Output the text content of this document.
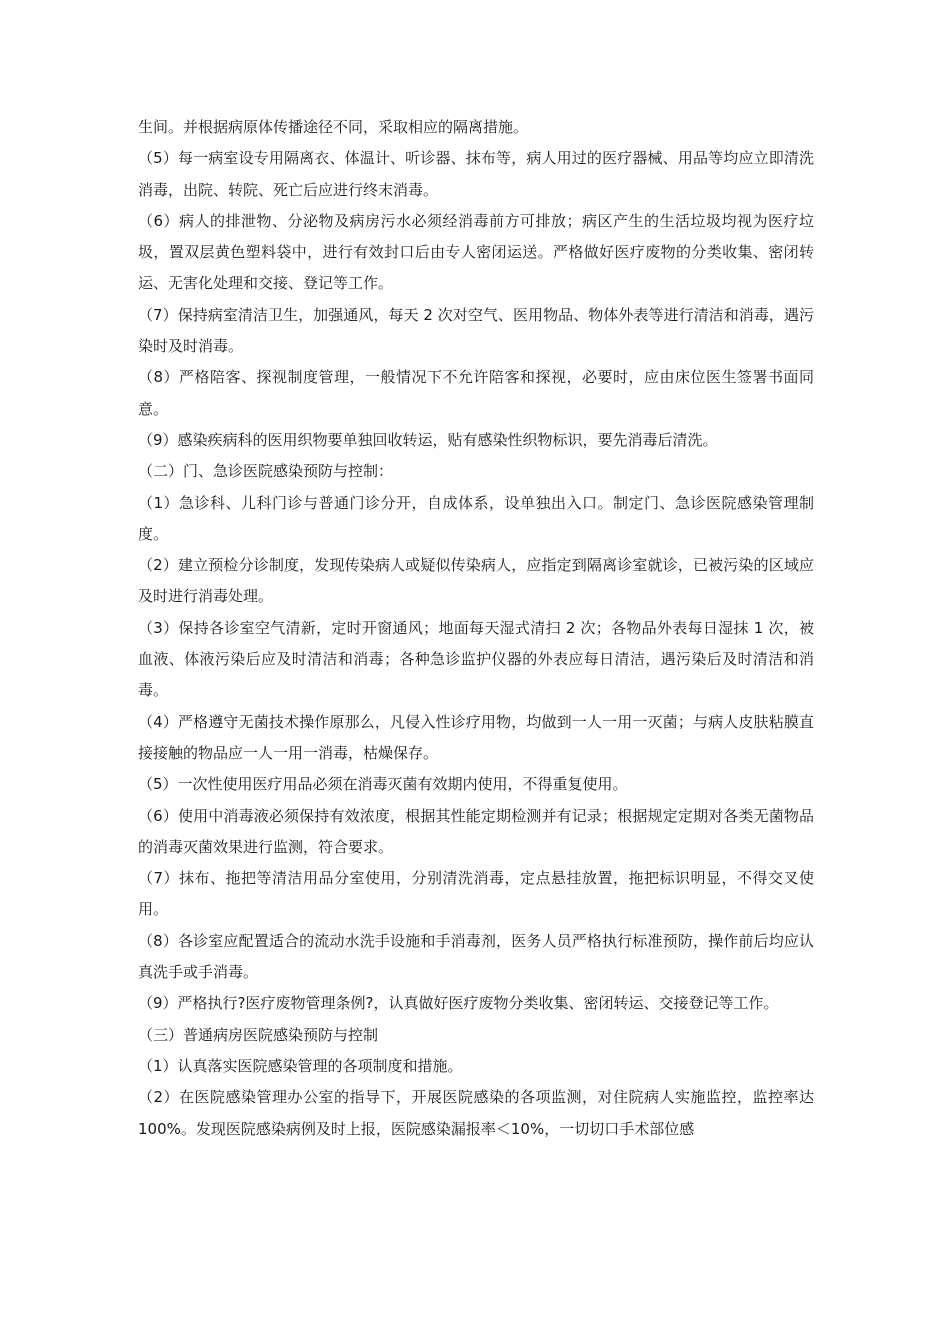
生间。并根据病原体传播途径不同，采取相应的隔离措施。

（5）每一病室设专用隔离衣、体温计、听诊器、抹布等，病人用过的医疗器械、用品等均应立即清洗消毒，出院、转院、死亡后应进行终末消毒。

（6）病人的排泄物、分泌物及病房污水必须经消毒前方可排放；病区产生的生活垃圾均视为医疗垃圾，置双层黄色塑料袋中，进行有效封口后由专人密闭运送。严格做好医疗废物的分类收集、密闭转运、无害化处理和交接、登记等工作。

（7）保持病室清洁卫生，加强通风，每天 2 次对空气、医用物品、物体外表等进行清洁和消毒，遇污染时及时消毒。

（8）严格陪客、探视制度管理，一般情况下不允许陪客和探视，必要时，应由床位医生签署书面同意。

（9）感染疾病科的医用织物要单独回收转运，贴有感染性织物标识，要先消毒后清洗。

（二）门、急诊医院感染预防与控制：

（1）急诊科、儿科门诊与普通门诊分开，自成体系，设单独出入口。制定门、急诊医院感染管理制度。

（2）建立预检分诊制度，发现传染病人或疑似传染病人，应指定到隔离诊室就诊，已被污染的区域应及时进行消毒处理。

（3）保持各诊室空气清新，定时开窗通风；地面每天湿式清扫 2 次；各物品外表每日湿抹 1 次，被血液、体液污染后应及时清洁和消毒；各种急诊监护仪器的外表应每日清洁，遇污染后及时清洁和消毒。

（4）严格遵守无菌技术操作原那么，凡侵入性诊疗用物，均做到一人一用一灭菌；与病人皮肤粘膜直接接触的物品应一人一用一消毒，枯燥保存。

（5）一次性使用医疗用品必须在消毒灭菌有效期内使用，不得重复使用。

（6）使用中消毒液必须保持有效浓度，根据其性能定期检测并有记录；根据规定定期对各类无菌物品的消毒灭菌效果进行监测，符合要求。

（7）抹布、拖把等清洁用品分室使用，分别清洗消毒，定点悬挂放置，拖把标识明显，不得交叉使用。

（8）各诊室应配置适合的流动水洗手设施和手消毒剂，医务人员严格执行标准预防，操作前后均应认真洗手或手消毒。

（9）严格执行?医疗废物管理条例?，认真做好医疗废物分类收集、密闭转运、交接登记等工作。

（三）普通病房医院感染预防与控制

（1）认真落实医院感染管理的各项制度和措施。

（2）在医院感染管理办公室的指导下，开展医院感染的各项监测，对住院病人实施监控，监控率达 100%。发现医院感染病例及时上报，医院感染漏报率＜10%，一切切口手术部位感
